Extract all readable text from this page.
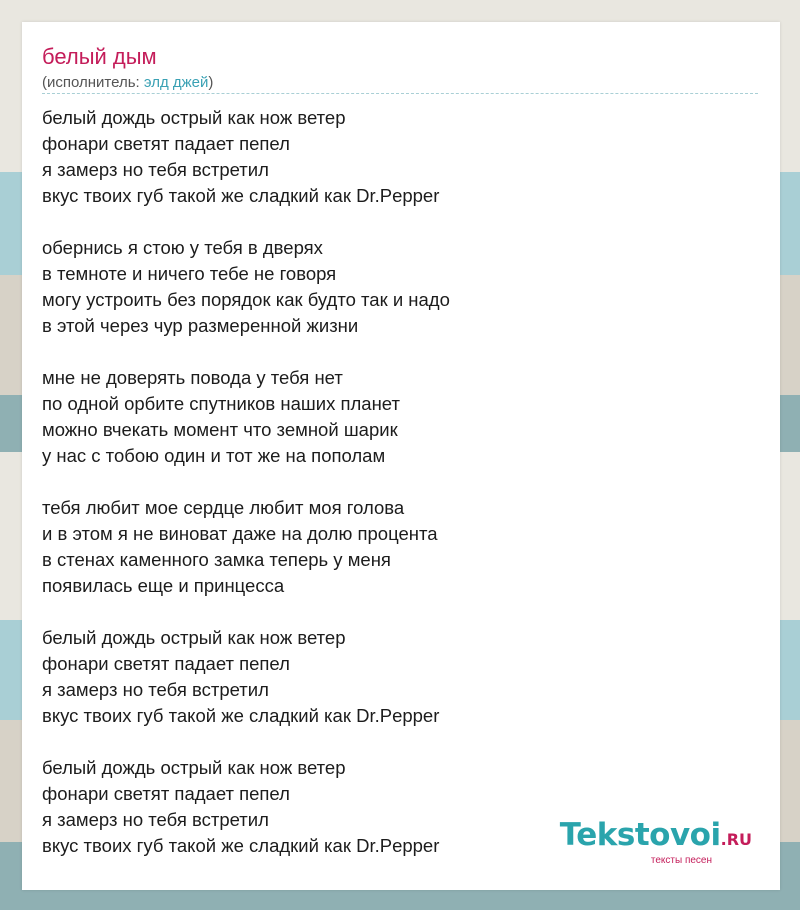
белый дым
(исполнитель: элд джей)
белый дождь острый как нож ветер
фонари светят падает пепел
я замерз но тебя встретил
вкус твоих губ такой же сладкий как Dr.Pepper
обернись я стою у тебя в дверях
в темноте и ничего тебе не говоря
могу устроить без порядок как будто так и надо
в этой через чур размеренной жизни
мне не доверять повода у тебя нет
по одной орбите спутников наших планет
можно вчекать момент что земной шарик
у нас с тобою один и тот же на пополам
тебя любит мое сердце любит моя голова
и в этом я не виноват даже на долю процента
в стенах каменного замка теперь у меня
появилась еще и принцесса
белый дождь острый как нож ветер
фонари светят падает пепел
я замерз но тебя встретил
вкус твоих губ такой же сладкий как Dr.Pepper
белый дождь острый как нож ветер
фонари светят падает пепел
я замерз но тебя встретил
вкус твоих губ такой же сладкий как Dr.Pepper	Tekstovoi.RU
тексты песен
